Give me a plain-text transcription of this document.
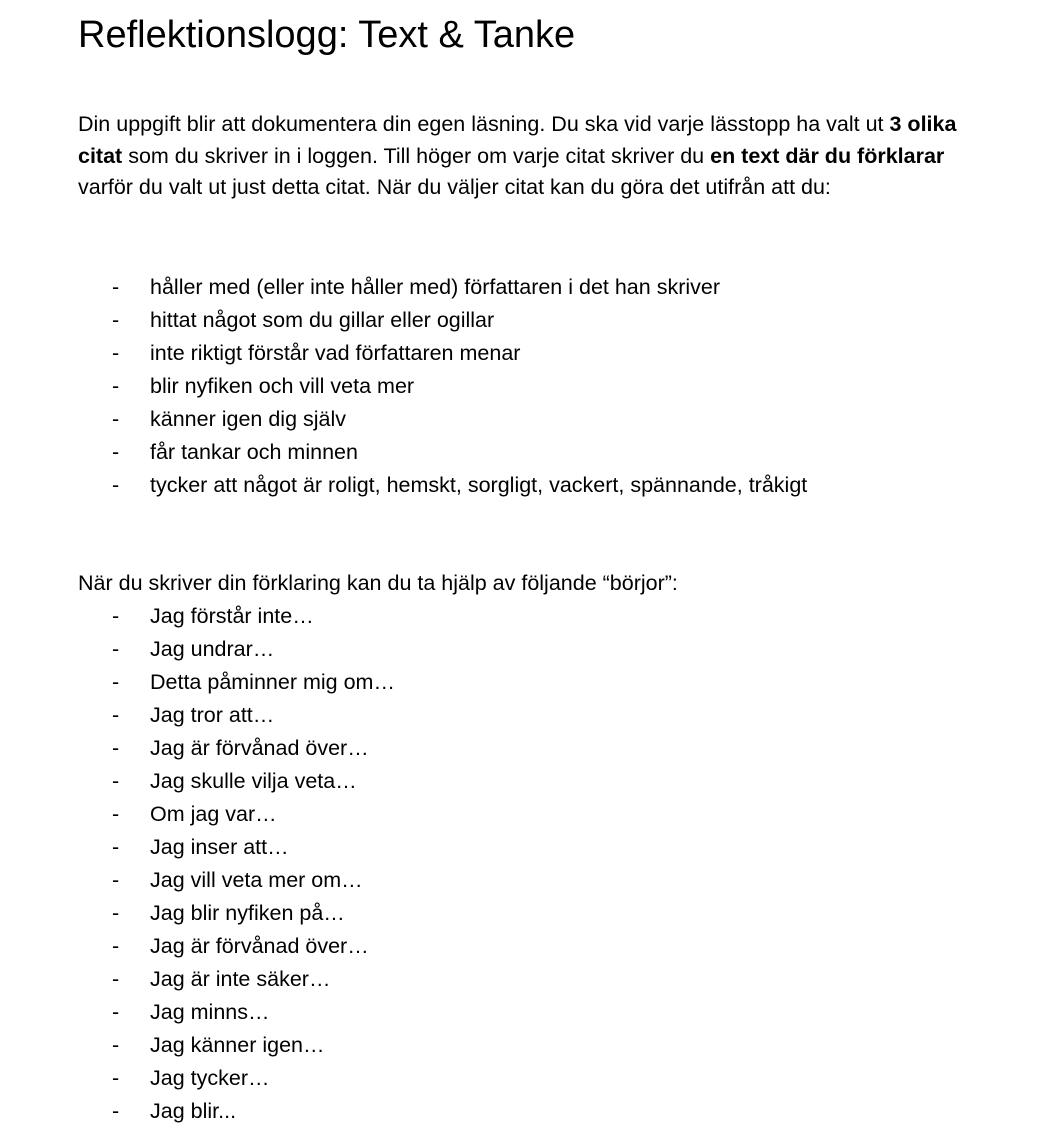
Reflektionslogg: Text & Tanke

Din uppgift blir att dokumentera din egen läsning. Du ska vid varje lässtopp ha valt ut 3 olika citat som du skriver in i loggen. Till höger om varje citat skriver du en text där du förklarar varför du valt ut just detta citat. När du väljer citat kan du göra det utifrån att du:

- håller med (eller inte håller med) författaren i det han skriver
- hittat något som du gillar eller ogillar
- inte riktigt förstår vad författaren menar
- blir nyfiken och vill veta mer
- känner igen dig själv
- får tankar och minnen
- tycker att något är roligt, hemskt, sorgligt, vackert, spännande, tråkigt

När du skriver din förklaring kan du ta hjälp av följande “börjor”:

- Jag förstår inte…
- Jag undrar…
- Detta påminner mig om…
- Jag tror att…
- Jag är förvånad över…
- Jag skulle vilja veta…
- Om jag var…
- Jag inser att…
- Jag vill veta mer om…
- Jag blir nyfiken på…
- Jag är förvånad över…
- Jag är inte säker…
- Jag minns…
- Jag känner igen…
- Jag tycker…
- Jag blir...
